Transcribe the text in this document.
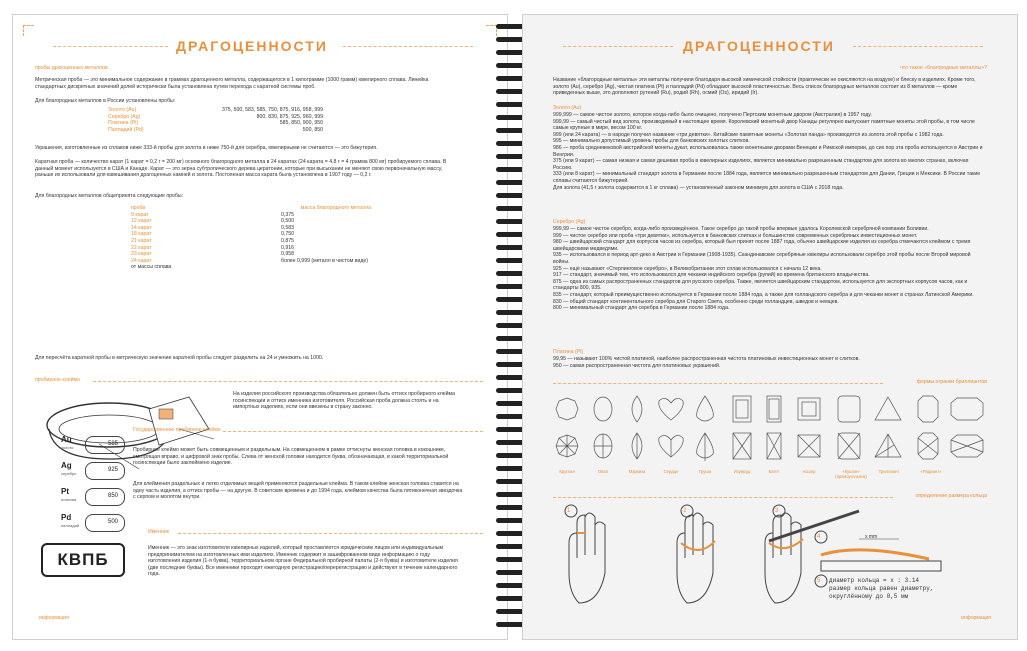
ДРАГОЦЕННОСТИ
пробы драгоценных металлов
Метрическая проба — это минимальное содержание в граммах драгоценного металла, содержащегося в 1 килограмме (1000 грамм) ювелирного сплава. Линейка стандартных дискретных значений долей исторически была установлена путем перехода с каратной системы проб.
Для благородных металлов в России установлены пробы:
Золото (Au)	375, 500, 583, 585, 750, 875, 916, 958, 999
Серебро (Ag)	800, 830, 875, 925, 960, 999
Платина (Pt)	585, 850, 900, 950
Палладий (Pd)	500, 850
Украшения, изготовленные из сплавов ниже 333-й пробы для золота и ниже 750-й для серебра, ювелирными не считаются — это бижутерия.
Каратная проба — количество карат (1 карат = 0,2 г = 200 мг) основного благородного металла в 24 каратах (24 карата = 4,8 г = 4 грамма 800 мг) пробируемого сплава. В данный момент используется в США и Канаде. Карат — это зерна субтропического дерева цератонии, которые при высыхании не меняют свою первоначальную массу, раньше их использовали для взвешивания драгоценных камней и золота. Постоянная масса карата была установлена в 1907 году — 0,2 г.
Для благородных металлов общепринята следующие пробы:
проба	массa благородного металла
9 карат	0,375
12 карат	0,500
14 карат	0,583
18 карат	0,750
21 карат	0,875
22 карат	0,916
23 карат	0,958
24 карат	более 0,999 (металл в чистом виде) от массы сплава
Для пересчёта каратной пробы в метрическую значение каратной пробы следует разделить на 24 и умножить на 1000.
пробирное клеймо
На изделия российского производства обязательно должен быть оттиск пробирного клейма госинспекции и оттиск именника изготовителя. Российская проба должна стоять и на импортных изделиях, если они ввезены в страну законно.
Государственное пробирное клеймо
Пробирное клеймо может быть совмещенным и раздельным. На совмещенном в рамке оттиснуты женская головка в кокошнике, смотрящая вправо, и цифровой знак пробы. Слева от женской головки находится буква, обозначающая, в какой территориальной госинспекции было заклеймено изделие.
Для клеймения раздельных и легко отделимых вещей применяются раздельные клейма. В таком клейме женская головка ставится на одну часть изделия, а оттиск пробы — на другую. В советские времена и до 1994 года, клеймом качества была пятиконечная звездочка с серпом и молотом внутри.
Au
золото
585
Ag
серебро
925
Pt
платина
850
Pd
палладий
500
Именник
КВПБ
Именник — это знак изготовителя ювелирных изделий, который проставляется юридическим лицом или индивидуальным предпринимателем на изготовленных ими изделиях. Именник содержит в зашифрованном виде информацию о году изготовления изделия (1-я буква), территориальном органе Федеральной пробирной палаты (2-я буква) и изготовителе изделия (две последние буквы). Все именники проходят ежегодную регистрацию/перерегистрацию и действуют в течение календарного года.
информация
ДРАГОЦЕННОСТИ
что такое «благородные металлы»?
Название «благородные металлы» эти металлы получили благодаря высокой химической стойкости (практически не окисляются на воздухе) и блеску в изделиях. Кроме того, золото (Au), серебро (Ag), чистая платина (Pt) и палладий (Pd) обладают высокой пластичностью. Весь список благородных металлов состоит из 8 металлов — кроме приведенных выше, это дополняют рутений (Ru), родий (Rh), осмий (Os), иридий (Ir).
Золото (Au)
999,999 — самое чистое золото, которое когда-либо было очищено, получено Пертским монетным двором (Австралия) в 1957 году.
999,99 — самый чистый вид золота, производимый в настоящее время. Королевский монетный двор Канады регулярно выпускает памятные монеты этой пробы, в том числе самые крупные в мире, весом 100 кг.
999 (или 24 карата) — в народе получил название «три девятки». Китайские памятные монеты «Золотая панда» производятся из золота этой пробы с 1982 года.
995 — минимально допустимый уровень пробы для банковских золотых слитков.
986 — проба средневековой австрийской монеты дукат, использовалась также монетными дворами Венеции и Римской империи, до сих пор эта проба используется в Австрии и Венгрии.
375 (или 9 карат) — самая низкая и самая дешевая проба в ювелирных изделиях, является минимально разрешенным стандартом для золота во многих странах, включая Россию.
333 (или 8 карат) — минимальный стандарт золота в Германии после 1884 года, является минимально разрешенным стандартом для Дании, Греции и Мексики. В России такие сплавы считаются бижутерией.
Для золота (41,5 г золота содержится в 1 кг сплава) — установленный законом минимум для золота в США с 2018 года.
Серебро (Ag)
999,99 — самое чистое серебро, когда-либо произведённое. Такое серебро до такой пробы впервые удалось Королевской серебряной компании Боливии.
999 — чистое серебро или проба «три девятки», используется в банковских слитках и большинстве современных серебряных инвестиционных монет.
980 — швейцарский стандарт для корпусов часов из серебра, который был принят после 1887 года, обычно швейцарские изделия из серебра отмечаются клеймом с тремя швейцарскими медведями.
935 — использовался в период арт-деко в Австрии и Германии (1908-1935). Скандинавские серебряные ювелиры использовали серебро этой пробы после Второй мировой войны.
925 — ещё называют «Стерлинговое серебро», в Великобритании этот сплав использовался с начала 12 века.
917 — стандарт, значимый тем, что использовался для чеканки индийского серебра (рупий) во времена британского владычества.
875 — одна из самых распространенных стандартов для русского серебра. Также, является швейцарским стандартом, используется для экспортных корпусов часов, как и стандарты 800, 935.
835 — стандарт, который преимущественно используется в Германии после 1884 года, а также для голландского серебра и для чеканки монет в странах Латинской Америки.
830 — общий стандарт континентального серебра для Старого Света, особенно среди голландцев, шведов и немцев.
800 — минимальный стандарт для серебра в Германии после 1884 года.
Платина (Pt)
99,95 — называют 100% чистой платиной, наиболее распространенная чистота платиновых инвестиционных монет и слитков.
950 — самая распространенная чистота для платиновых украшений.
формы огранки бриллиантов
Круглая	Овал	Маркиза	Сердце	Груша	Изумруд	Багет	Асшер	«Кушон» (прямоугольник)
Триллиант	«Радиант»
определение размера кольца
1	2	3
4
5
x mm
диаметр кольца = x : 3.14
размер кольца равен диаметру,
округлённому до 0,5 мм
информация
